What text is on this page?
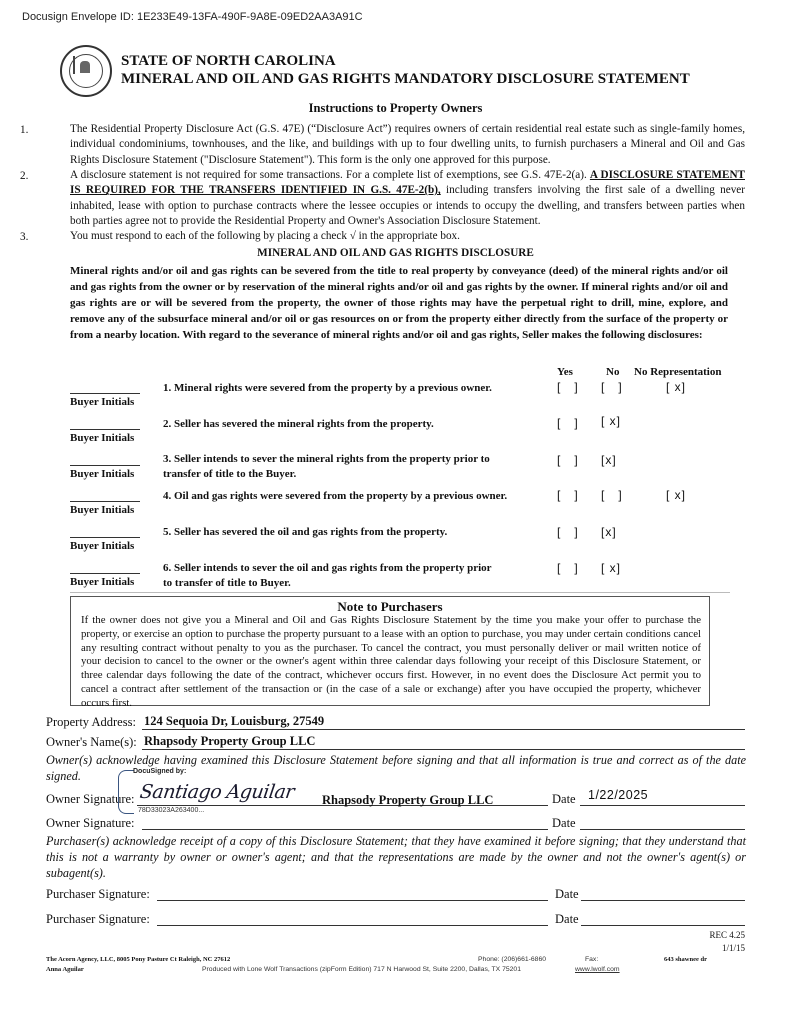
Docusign Envelope ID: 1E233E49-13FA-490F-9A8E-09ED2AA3A91C
STATE OF NORTH CAROLINA
MINERAL AND OIL AND GAS RIGHTS MANDATORY DISCLOSURE STATEMENT
Instructions to Property Owners
1.	The Residential Property Disclosure Act (G.S. 47E) (“Disclosure Act”) requires owners of certain residential real estate such as single-family homes, individual condominiums, townhouses, and the like, and buildings with up to four dwelling units, to furnish purchasers a Mineral and Oil and Gas Rights Disclosure Statement ("Disclosure Statement"). This form is the only one approved for this purpose.
2.	A disclosure statement is not required for some transactions. For a complete list of exemptions, see G.S. 47E-2(a). A DISCLOSURE STATEMENT IS REQUIRED FOR THE TRANSFERS IDENTIFIED IN G.S. 47E-2(b), including transfers involving the first sale of a dwelling never inhabited, lease with option to purchase contracts where the lessee occupies or intends to occupy the dwelling, and transfers between parties when both parties agree not to provide the Residential Property and Owner's Association Disclosure Statement.
3.	You must respond to each of the following by placing a check √ in the appropriate box.
MINERAL AND OIL AND GAS RIGHTS DISCLOSURE
Mineral rights and/or oil and gas rights can be severed from the title to real property by conveyance (deed) of the mineral rights and/or oil and gas rights from the owner or by reservation of the mineral rights and/or oil and gas rights by the owner. If mineral rights and/or oil and gas rights are or will be severed from the property, the owner of those rights may have the perpetual right to drill, mine, explore, and remove any of the subsurface mineral and/or oil or gas resources on or from the property either directly from the surface of the property or from a nearby location. With regard to the severance of mineral rights and/or oil and gas rights, Seller makes the following disclosures:
Yes	No No Representation
Buyer Initials
1. Mineral rights were severed from the property by a previous owner.	[   ] [   ]	[ x]
Buyer Initials
2. Seller has severed the mineral rights from the property.	[   ] [ x]
Buyer Initials
3. Seller intends to sever the mineral rights from the property prior to
transfer of title to the Buyer.
[   ] [x]
Buyer Initials
4. Oil and gas rights were severed from the property by a previous owner.	[   ] [   ]	[ x]
Buyer Initials
5. Seller has severed the oil and gas rights from the property.	[   ] [x]
Buyer Initials
6. Seller intends to sever the oil and gas rights from the property prior
to transfer of title to Buyer.
[   ] [ x]
Note to Purchasers
If the owner does not give you a Mineral and Oil and Gas Rights Disclosure Statement by the time you make your offer to purchase the property, or exercise an option to purchase the property pursuant to a lease with an option to purchase, you may under certain conditions cancel any resulting contract without penalty to you as the purchaser. To cancel the contract, you must personally deliver or mail written notice of your decision to cancel to the owner or the owner's agent within three calendar days following your receipt of this Disclosure Statement, or three calendar days following the date of the contract, whichever occurs first. However, in no event does the Disclosure Act permit you to cancel a contract after settlement of the transaction or (in the case of a sale or exchange) after you have occupied the property, whichever occurs first.
Property Address: 124 Sequoia Dr, Louisburg, 27549
Owner's Name(s): Rhapsody Property Group LLC
Owner(s) acknowledge having examined this Disclosure Statement before signing and that all information is true and correct as of the date signed.
Owner Signature:
DocuSigned by:
Santiago Aguilar
78D33023A263400...
Rhapsody Property Group LLC	Date 1/22/2025
Owner Signature:	Date
Purchaser(s) acknowledge receipt of a copy of this Disclosure Statement; that they have examined it before signing; that they understand that this is not a warranty by owner or owner's agent; and that the representations are made by the owner and not the owner's agent(s) or subagent(s).
Purchaser Signature:	Date
Purchaser Signature:	Date
REC 4.25
1/1/15
The Acorn Agency, LLC, 8005 Pony Pasture Ct Raleigh, NC 27612
Anna Aguilar
Phone: (206)661-6860	Fax:	643 shawnee dr
Produced with Lone Wolf Transactions (zipForm Edition) 717 N Harwood St, Suite 2200, Dallas, TX 75201	www.lwolf.com
